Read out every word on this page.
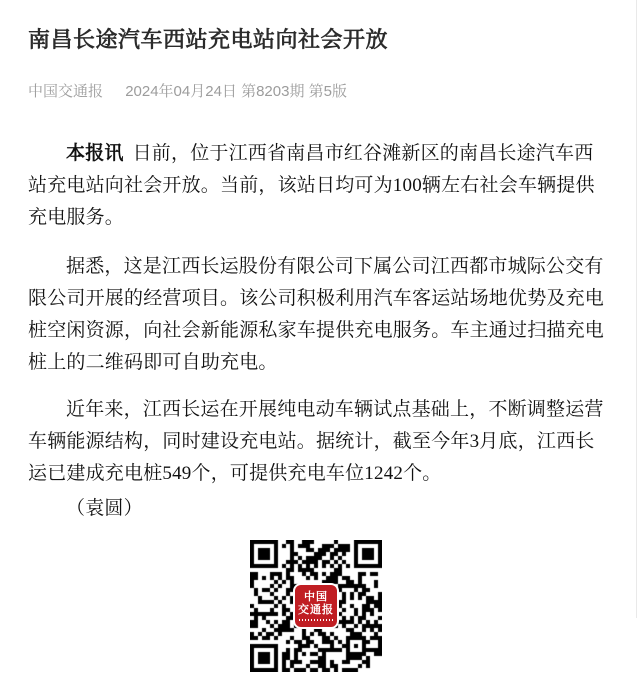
南昌长途汽车西站充电站向社会开放
中国交通报 2024年04月24日 第8203期 第5版

本报讯 日前，位于江西省南昌市红谷滩新区的南昌长途汽车西站充电站向社会开放。当前，该站日均可为100辆左右社会车辆提供充电服务。

据悉，这是江西长运股份有限公司下属公司江西都市城际公交有限公司开展的经营项目。该公司积极利用汽车客运站场地优势及充电桩空闲资源，向社会新能源私家车提供充电服务。车主通过扫描充电桩上的二维码即可自助充电。

近年来，江西长运在开展纯电动车辆试点基础上，不断调整运营车辆能源结构，同时建设充电站。据统计，截至今年3月底，江西长运已建成充电桩549个，可提供充电车位1242个。

（袁圆）

中国
交通报
